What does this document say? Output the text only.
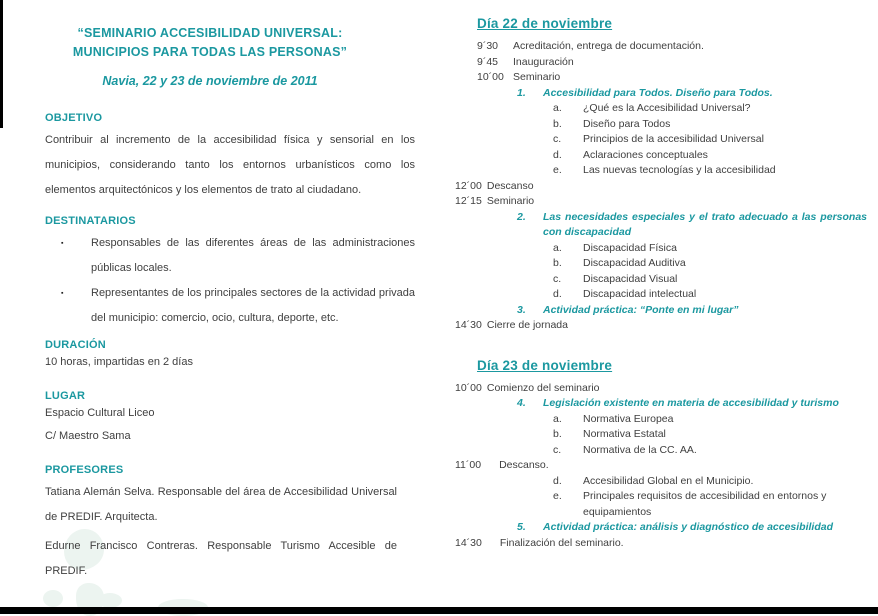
“SEMINARIO ACCESIBILIDAD UNIVERSAL:
MUNICIPIOS PARA TODAS LAS PERSONAS”
Navia, 22 y 23 de noviembre de 2011
OBJETIVO
Contribuir al incremento de la accesibilidad física y sensorial en los municipios, considerando tanto los entornos urbanísticos como los elementos arquitectónicos y los elementos de trato al ciudadano.
DESTINATARIOS
▪	Responsables de las diferentes áreas de las administraciones públicas locales.
▪	Representantes de los principales sectores de la actividad privada del municipio: comercio, ocio, cultura, deporte, etc.
DURACIÓN
10 horas, impartidas en 2 días
LUGAR
Espacio Cultural Liceo
C/ Maestro Sama
PROFESORES
Tatiana Alemán Selva. Responsable del área de Accesibilidad Universal de PREDIF. Arquitecta.
Edurne Francisco Contreras. Responsable Turismo Accesible de PREDIF.
Día 22 de noviembre
9´30 Acreditación, entrega de documentación.
9´45 Inauguración
10´00 Seminario
1.	Accesibilidad para Todos. Diseño para Todos.
a.	¿Qué es la Accesibilidad Universal?
b.	Diseño para Todos
c.	Principios de la accesibilidad Universal
d.	Aclaraciones conceptuales
e.	Las nuevas tecnologías y la accesibilidad
12´00 Descanso
12´15 Seminario
2.	Las necesidades especiales y el trato adecuado a las personas con discapacidad
a.	Discapacidad Física
b.	Discapacidad Auditiva
c.	Discapacidad Visual
d.	Discapacidad intelectual
3.	Actividad práctica: “Ponte en mi lugar”
14´30 Cierre de jornada
Día 23 de noviembre
10´00 Comienzo del seminario
4.	Legislación existente en materia de accesibilidad y turismo
a.	Normativa Europea
b.	Normativa Estatal
c.	Normativa de la CC. AA.
11´00 Descanso.
d.	Accesibilidad Global en el Municipio.
e.	Principales requisitos de accesibilidad en entornos y equipamientos
5.	Actividad práctica: análisis y diagnóstico de accesibilidad
14´30 Finalización del seminario.
